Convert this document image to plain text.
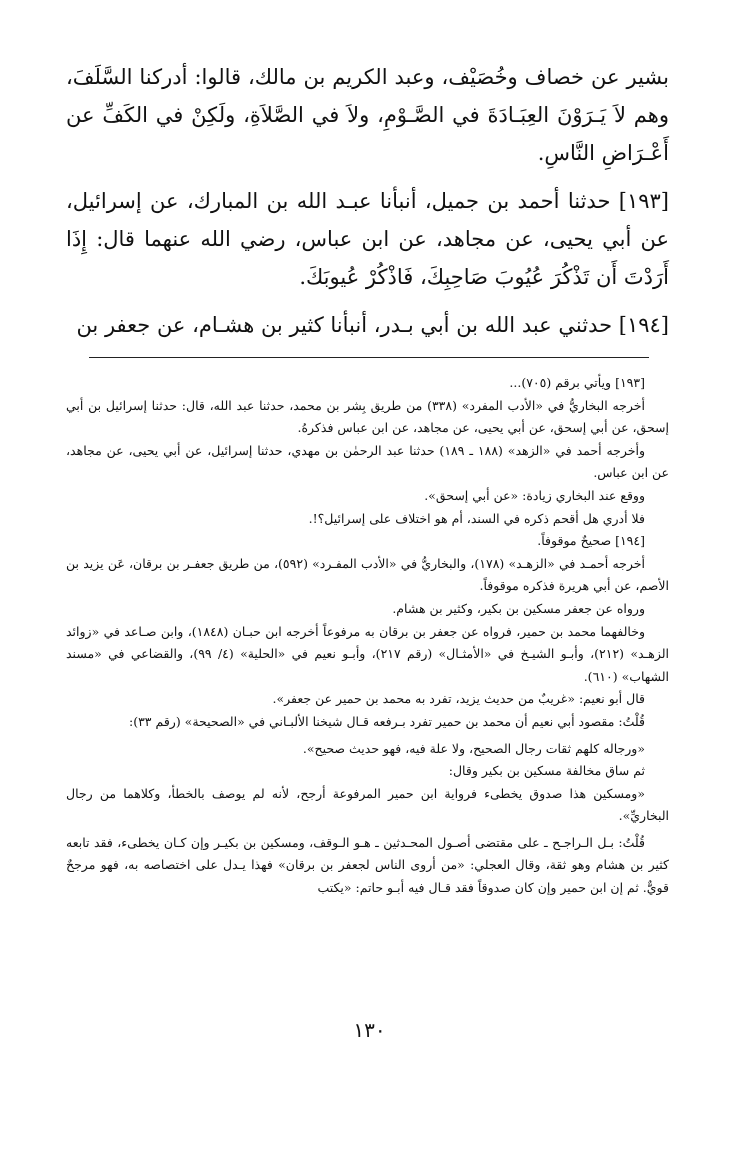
بشير عن خصاف وخُصَيْف، وعبد الكريم بن مالك، قالوا: أدركنا السَّلَفَ، وهم لاَ يَـرَوْنَ العِبَـادَةَ في الصَّـوْمِ، ولاَ في الصَّلاَةِ، ولَكِنْ في الكَفِّ عن أَعْـرَاضِ النَّاسِ.

[١٩٣] حدثنا أحمد بن جميل، أنبأنا عبـد الله بن المبارك، عن إسرائيل، عن أبي يحيى، عن مجاهد، عن ابن عباس، رضي الله عنهما قال: إِذَا أَرَدْتَ أَن تَذْكُرَ عُيُوبَ صَاحِبِكَ، فَاذْكُرْ عُيوبَكَ.

[١٩٤] حدثني عبد الله بن أبي بـدر، أنبأنا كثير بن هشـام، عن جعفر بن

[١٩٣] ويأتي برقم (٧٠٥)...

أخرجه البخاريُّ في «الأدب المفرد» (٣٣٨) من طريق بِشر بن محمد، حدثنا عبد الله، قال: حدثنا إسرائيل بن أبي إسحق، عن أبي إسحق، عن أبي يحيى، عن مجاهد، عن ابن عباس فذكرهُ.

وأخرجه أحمد في «الزهد» (١٨٨ ـ ١٨٩) حدثنا عبد الرحمٰن بن مهدي، حدثنا إسرائيل، عن أبي يحيى، عن مجاهد، عن ابن عباس.

ووقع عند البخاري زيادة: «عن أبي إسحق».

فلا أدري هل أقحم ذكره في السند، أم هو اختلاف على إسرائيل؟!.

[١٩٤] صحيحٌ موقوفاً.

أخرجه أحمـد في «الزهـد» (١٧٨)، والبخاريُّ في «الأدب المفـرد» (٥٩٢)، من طريق جعفـر بن برقان، عَن يزيد بن الأصم، عن أبي هريرة فذكره موقوفاً.

ورواه عن جعفر مسكين بن بكير، وكثير بن هشام.

وخالفهما محمد بن حمير، فرواه عن جعفر بن برقان به مرفوعاً أخرجه ابن حبـان (١٨٤٨)، وابن صـاعد في «زوائد الزهـد» (٢١٢)، وأبـو الشيـخ في «الأمثـال» (رقم ٢١٧)، وأبـو نعيم في «الحلية» (٤/ ٩٩)، والقضاعي في «مسند الشهاب» (٦١٠).

قال أبو نعيم: «غريبٌ من حديث يزيد، تفرد به محمد بن حمير عن جعفر».

قُلْتُ: مقصود أبي نعيم أن محمد بن حمير تفرد بـرفعه قـال شيخنا الألبـاني في «الصحيحة» (رقم ٣٣):

«ورجاله كلهم ثقات رجال الصحيح، ولا علة فيه، فهو حديث صحيح».

ثم ساق مخالفة مسكين بن بكير وقال:

«ومسكين هذا صدوق يخطىء فرواية ابن حمير المرفوعة أرجح، لأنه لم يوصف بالخطأ، وكلاهما من رجال البخاريِّ».

قُلْتُ: بـل الـراجـح ـ على مقتضى أصـول المحـدثين ـ هـو الـوقف، ومسكين بن بكيـر وإن كـان يخطىء، فقد تابعه كثير بن هشام وهو ثقة، وقال العجلي: «من أروى الناس لجعفر بن برقان» فهذا يـدل على اختصاصه به، فهو مرجحٌ قويٌّ. ثم إن ابن حمير وإن كان صدوقاً فقد قـال فيه أبـو حاتم: «يكتب

١٣٠
